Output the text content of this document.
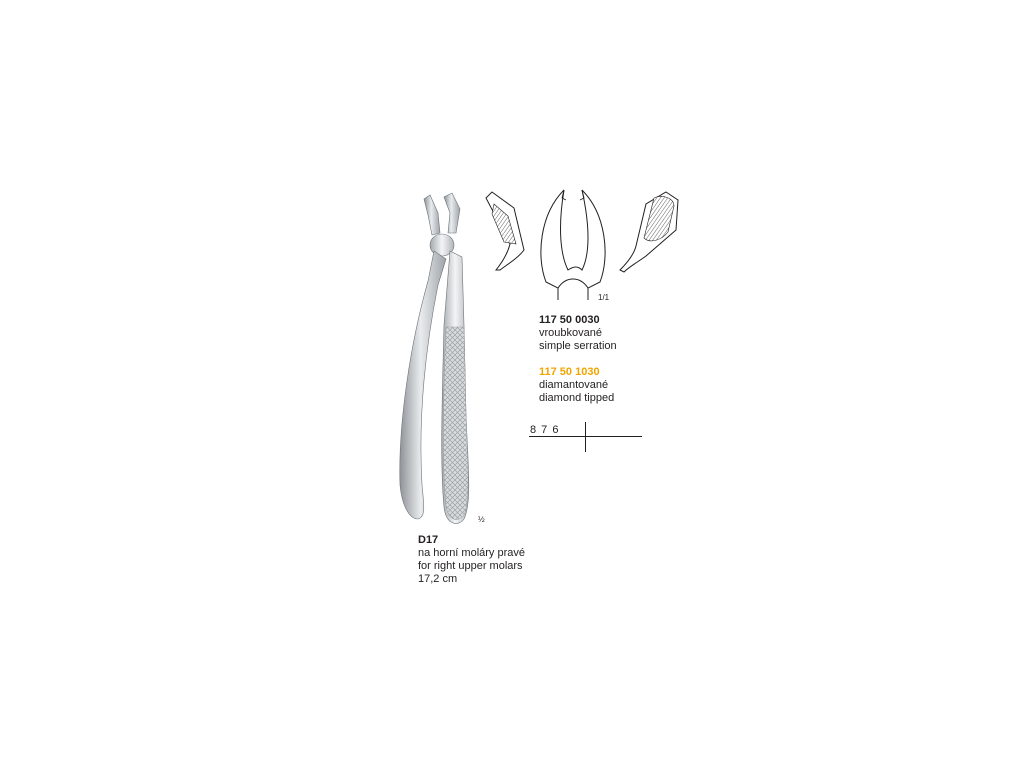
½
1/1
117 50 0030
vroubkované
simple serration
117 50 1030
diamantované
diamond tipped
8 7 6
D17
na horní moláry pravé
for right upper molars
17,2 cm
